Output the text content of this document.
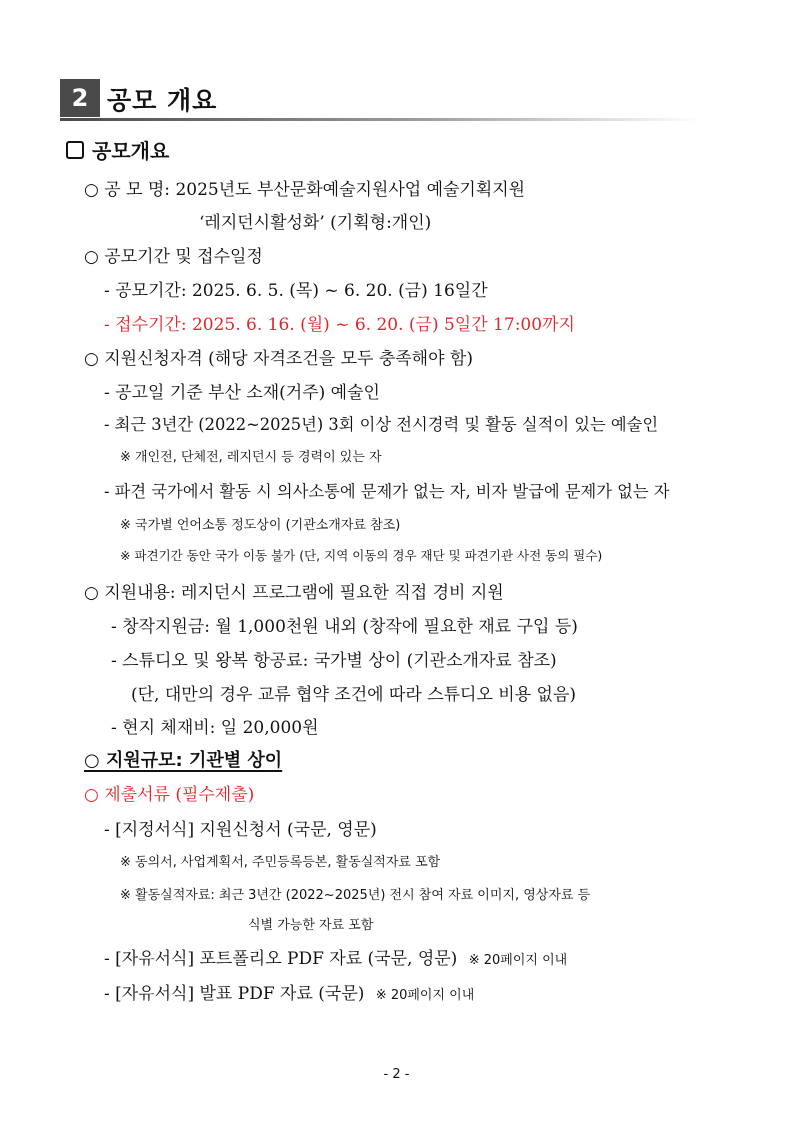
2 공모 개요
공모개요
○ 공 모 명: 2025년도 부산문화예술지원사업 예술기획지원
‘레지던시활성화’ (기획형:개인)
○ 공모기간 및 접수일정
- 공모기간: 2025. 6. 5. (목) ~ 6. 20. (금) 16일간
- 접수기간: 2025. 6. 16. (월) ~ 6. 20. (금) 5일간 17:00까지
○ 지원신청자격 (해당 자격조건을 모두 충족해야 함)
- 공고일 기준 부산 소재(거주) 예술인
- 최근 3년간 (2022~2025년) 3회 이상 전시경력 및 활동 실적이 있는 예술인
※ 개인전, 단체전, 레지던시 등 경력이 있는 자
- 파견 국가에서 활동 시 의사소통에 문제가 없는 자, 비자 발급에 문제가 없는 자
※ 국가별 언어소통 정도상이 (기관소개자료 참조)
※ 파견기간 동안 국가 이동 불가 (단, 지역 이동의 경우 재단 및 파견기관 사전 동의 필수)
○ 지원내용: 레지던시 프로그램에 필요한 직접 경비 지원
- 창작지원금: 월 1,000천원 내외 (창작에 필요한 재료 구입 등)
- 스튜디오 및 왕복 항공료: 국가별 상이 (기관소개자료 참조)
(단, 대만의 경우 교류 협약 조건에 따라 스튜디오 비용 없음)
- 현지 체재비: 일 20,000원
○ 지원규모: 기관별 상이
○ 제출서류 (필수제출)
- [지정서식] 지원신청서 (국문, 영문)
※ 동의서, 사업계획서, 주민등록등본, 활동실적자료 포함
※ 활동실적자료: 최근 3년간 (2022~2025년) 전시 참여 자료 이미지, 영상자료 등
식별 가능한 자료 포함
- [자유서식] 포트폴리오 PDF 자료 (국문, 영문) ※ 20페이지 이내
- [자유서식] 발표 PDF 자료 (국문) ※ 20페이지 이내
- 2 -
